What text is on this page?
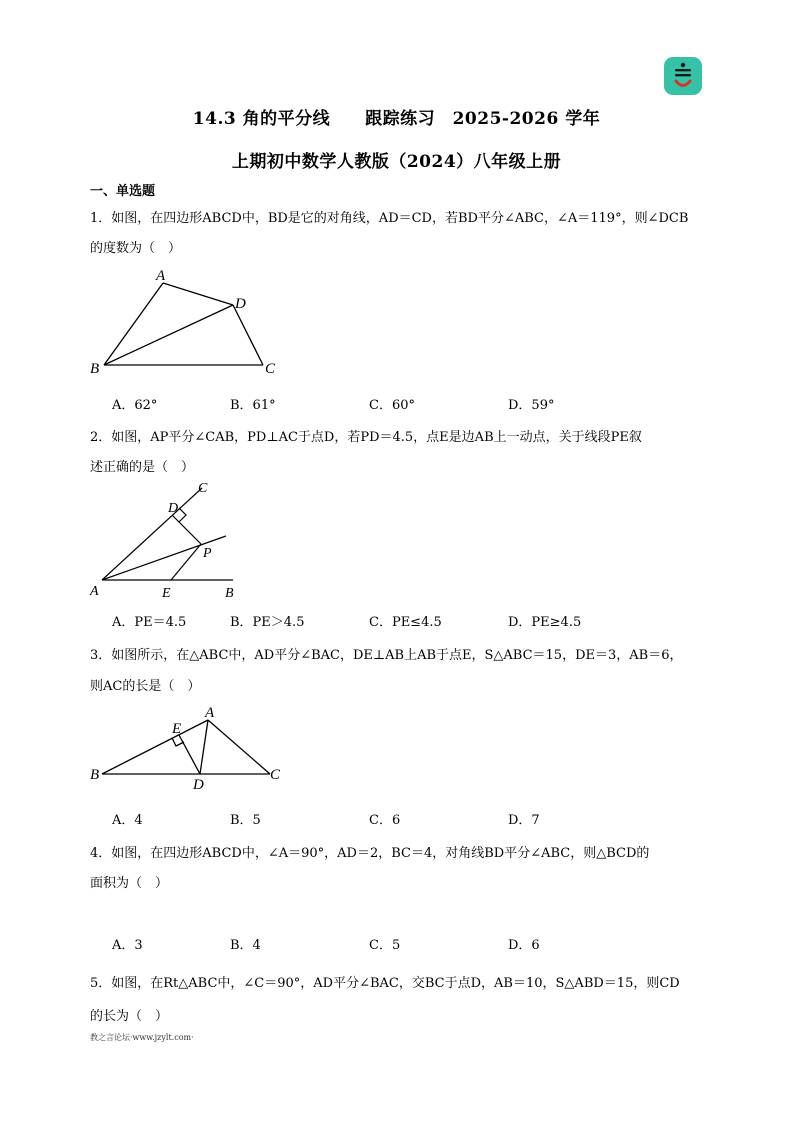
14.3 角的平分线　　跟踪练习　2025-2026 学年
上期初中数学人教版（2024）八年级上册
一、单选题
1．如图，在四边形ABCD中，BD是它的对角线，AD＝CD，若BD平分∠ABC，∠A＝119°，则∠DCB
的度数为（　）
A
D
B	C
A．62°	B．61°	C．60°	D．59°
2．如图，AP平分∠CAB，PD⊥AC于点D，若PD＝4.5，点E是边AB上一动点，关于线段PE叙
述正确的是（　）
C
D
P
A	E	B
A．PE＝4.5	B．PE＞4.5	C．PE≤4.5	D．PE≥4.5
3．如图所示，在△ABC中，AD平分∠BAC，DE⊥AB上AB于点E，S△ABC＝15，DE＝3，AB＝6，
则AC的长是（　）
E
A
B
D
C
A．4	B．5	C．6	D．7
4．如图，在四边形ABCD中，∠A＝90°，AD＝2，BC＝4，对角线BD平分∠ABC，则△BCD的
面积为（　）
A．3	B．4	C．5	D．6
5．如图，在Rt△ABC中，∠C＝90°，AD平分∠BAC，交BC于点D，AB＝10，S△ABD＝15，则CD
的长为（　）
教之言论坛·www.jzylt.com·
